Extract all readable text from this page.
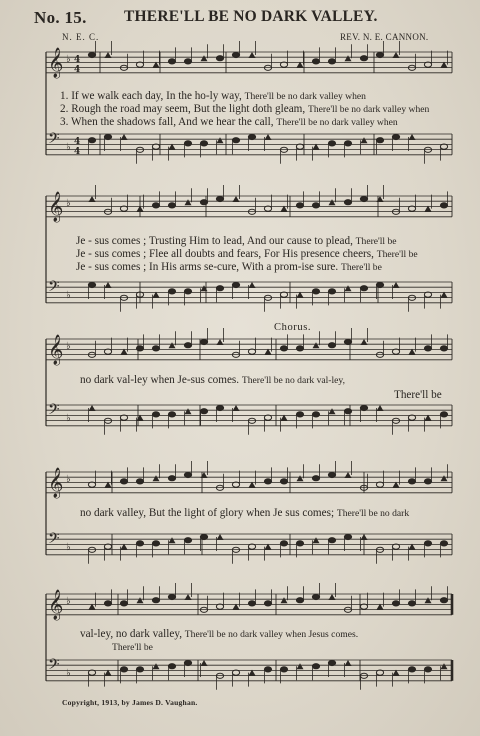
No. 15. THERE'LL BE NO DARK VALLEY.
N. E. C.	REV. N. E. CANNON.
𝄞 ♭ 4
4
𝄢 ♭ 4
4
𝄞 ♭
𝄢 ♭
𝄞 ♭
𝄢 ♭
𝄞 ♭
𝄢 ♭
𝄞 ♭
𝄢 ♭
1. If we walk each day, In the ho-ly way, There'll be no dark valley when
2. Rough the road may seem, But the light doth gleam, There'll be no dark valley when
3. When the shadows fall, And we hear the call, There'll be no dark valley when
Je - sus comes ; Trusting Him to lead, And our cause to plead, There'll be
Je - sus comes ; Flee all doubts and fears, For His presence cheers, There'll be
Je - sus comes ; In His arms se-cure, With a prom-ise sure. There'll be
Chorus.
no dark val-ley when Je-sus comes. There'll be no dark val-ley,
There'll be
no dark valley, But the light of glory when Je sus comes; There'll be no dark
val-ley, no dark valley, There'll be no dark valley when Jesus comes.
There'll be
Copyright, 1913, by James D. Vaughan.
